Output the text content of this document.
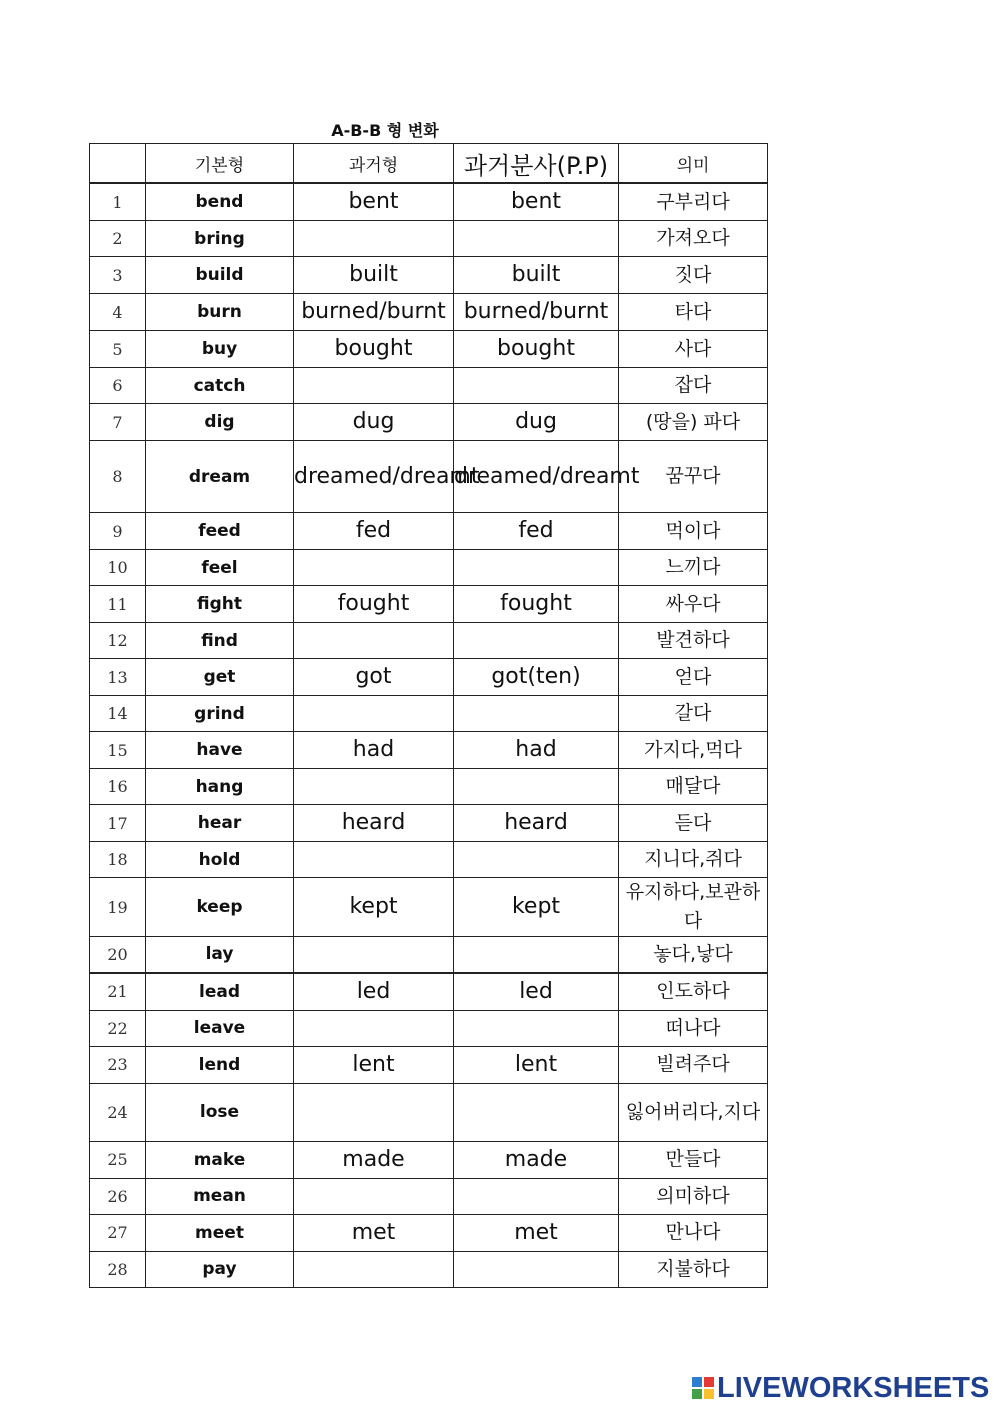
A-B-B 형 변화
	기본형	과거형	과거분사(P.P)	의미
1	bend	bent	bent	구부리다
2	bring			가져오다
3	build	built	built	짓다
4	burn	burned/burnt	burned/burnt	타다
5	buy	bought	bought	사다
6	catch			잡다
7	dig	dug	dug	(땅을) 파다
8	dream	dreamed/dreamt	dreamed/dreamt	꿈꾸다
9	feed	fed	fed	먹이다
10	feel			느끼다
11	fight	fought	fought	싸우다
12	find			발견하다
13	get	got	got(ten)	얻다
14	grind			갈다
15	have	had	had	가지다,먹다
16	hang			매달다
17	hear	heard	heard	듣다
18	hold			지니다,쥐다
19	keep	kept	kept	유지하다,보관하다
20	lay			놓다,낳다
21	lead	led	led	인도하다
22	leave			떠나다
23	lend	lent	lent	빌려주다
24	lose			잃어버리다,지다
25	make	made	made	만들다
26	mean			의미하다
27	meet	met	met	만나다
28	pay			지불하다
LIVEWORKSHEETS
